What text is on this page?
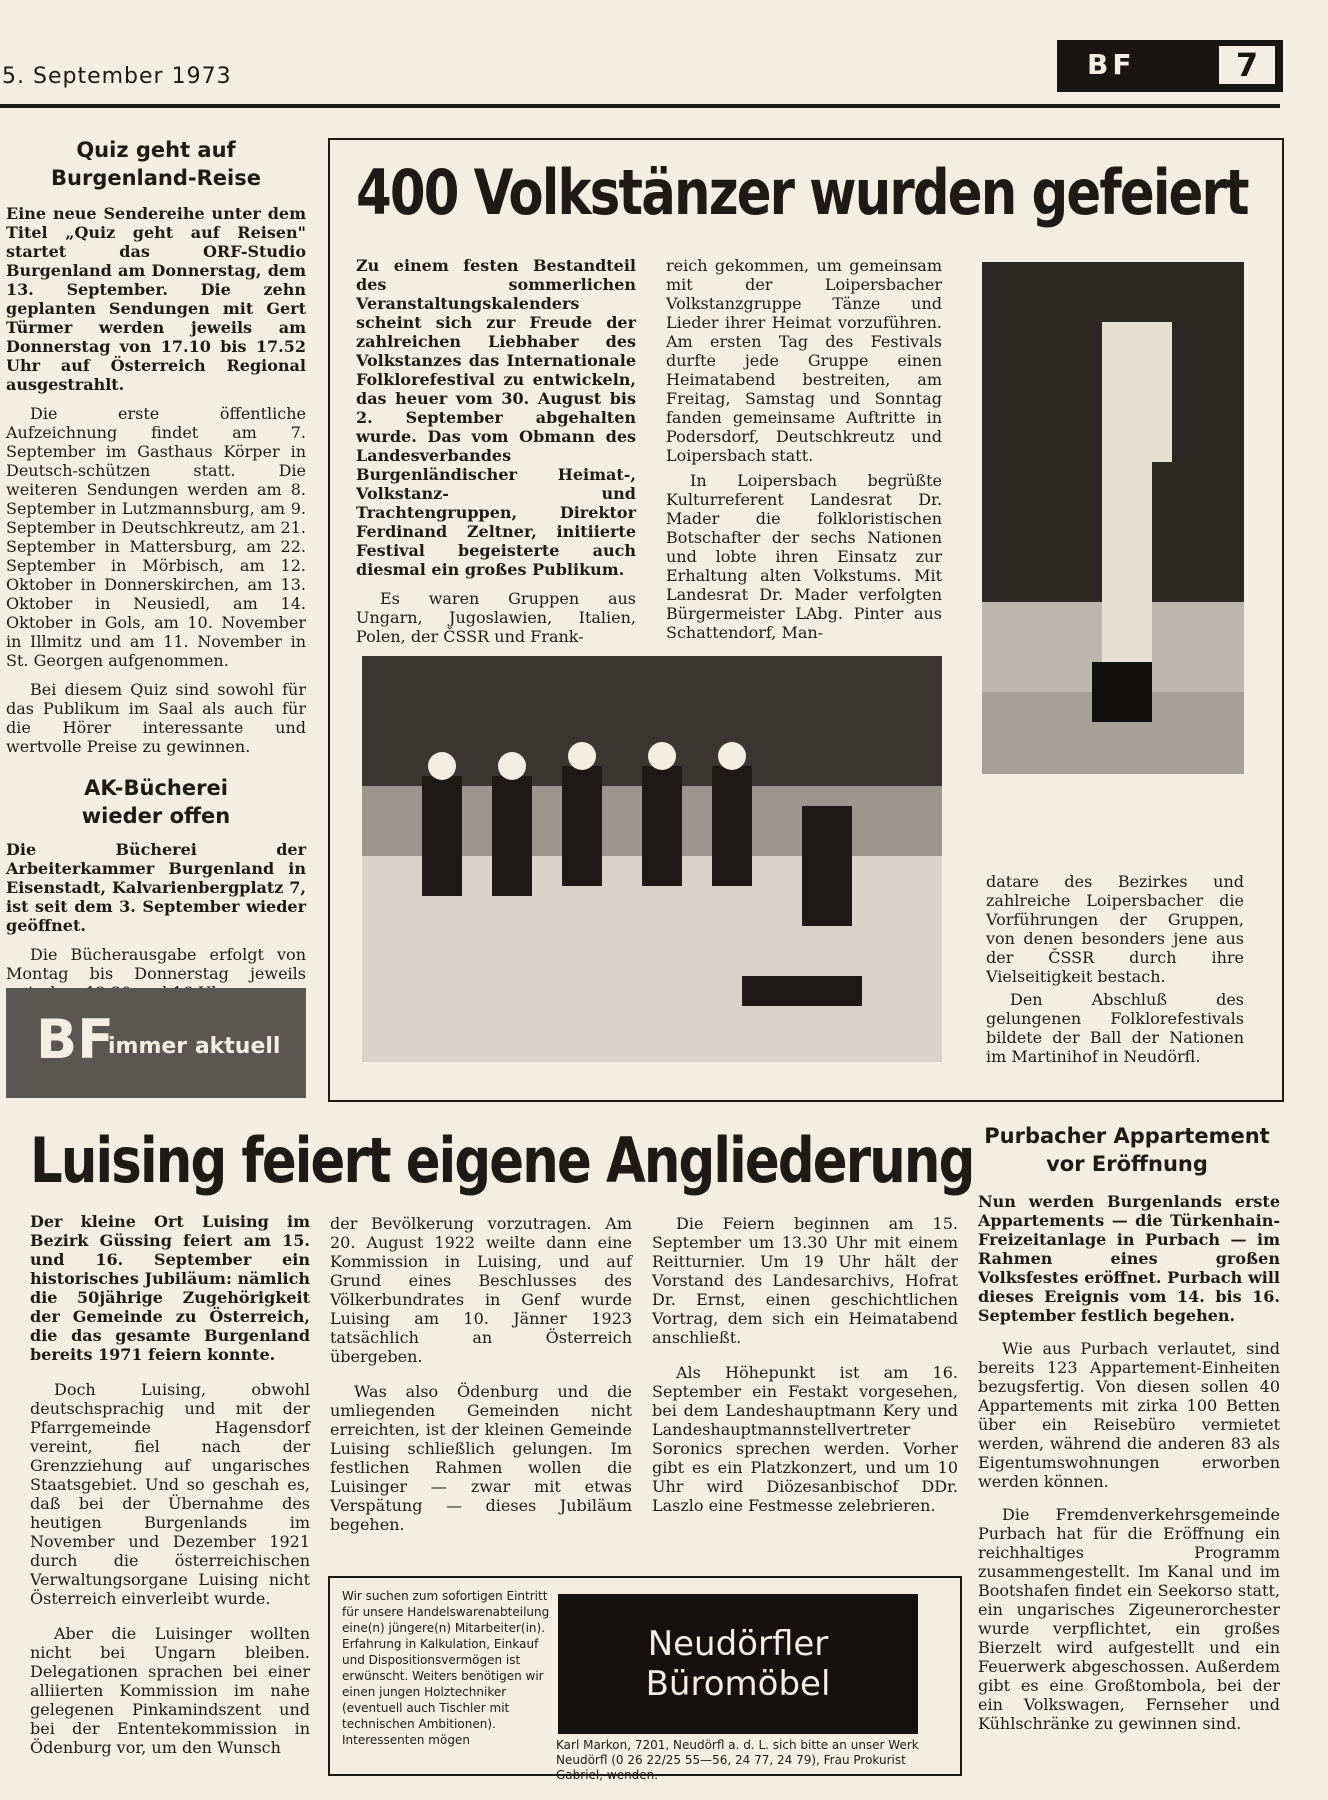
5. September 1973	BF	7
Quiz geht auf
Burgenland-Reise

Eine neue Sendereihe unter dem Titel „Quiz geht auf Reisen" startet das ORF-Studio Burgenland am Donnerstag, dem 13. September. Die zehn geplanten Sendungen mit Gert Türmer werden jeweils am Donnerstag von 17.10 bis 17.52 Uhr auf Österreich Regional ausgestrahlt.

Die erste öffentliche Aufzeichnung findet am 7. September im Gasthaus Körper in Deutsch-schützen statt. Die weiteren Sendungen werden am 8. September in Lutzmannsburg, am 9. September in Deutschkreutz, am 21. September in Mattersburg, am 22. September in Mörbisch, am 12. Oktober in Donnerskirchen, am 13. Oktober in Neusiedl, am 14. Oktober in Gols, am 10. November in Illmitz und am 11. November in St. Georgen aufgenommen.

Bei diesem Quiz sind sowohl für das Publikum im Saal als auch für die Hörer interessante und wertvolle Preise zu gewinnen.

AK-Bücherei
wieder offen

Die Bücherei der Arbeiterkammer Burgenland in Eisenstadt, Kalvarienbergplatz 7, ist seit dem 3. September wieder geöffnet.

Die Bücherausgabe erfolgt von Montag bis Donnerstag jeweils

BF
immer aktuell
400 Volkstänzer wurden gefeiert

Zu einem festen Bestandteil des sommerlichen Veranstaltungskalenders scheint sich zur Freude der zahlreichen Liebhaber des Volkstanzes das Internationale Folklorefestival zu entwickeln, das heuer vom 30. August bis 2. September abgehalten wurde. Das vom Obmann des Landesverbandes Burgenländischer Heimat-, Volkstanz- und Trachtengruppen, Direktor Ferdinand Zeltner, initiierte Festival begeisterte auch diesmal ein großes Publikum.

Es waren Gruppen aus Ungarn, Jugoslawien, Italien, Polen, der ČSSR und Frank-

reich gekommen, um gemeinsam mit der Loipersbacher Volkstanzgruppe Tänze und Lieder ihrer Heimat vorzuführen. Am ersten Tag des Festivals durfte jede Gruppe einen Heimatabend bestreiten, am Freitag, Samstag und Sonntag fanden gemeinsame Auftritte in Podersdorf, Deutschkreutz und Loipersbach statt.

In Loipersbach begrüßte Kulturreferent Landesrat Dr. Mader die folkloristischen Botschafter der sechs Nationen und lobte ihren Einsatz zur Erhaltung alten Volkstums. Mit Landesrat Dr. Mader verfolgten Bürgermeister LAbg. Pinter aus Schattendorf, Man-

datare des Bezirkes und zahlreiche Loipersbacher die Vorführungen der Gruppen, von denen besonders jene aus der ČSSR durch ihre Vielseitigkeit bestach.

Den Abschluß des gelungenen Folklorefestivals bildete der Ball der Nationen im Martinihof in Neudörfl.

Luising feiert eigene Angliederung

Der kleine Ort Luising im Bezirk Güssing feiert am 15. und 16. September ein historisches Jubiläum: nämlich die 50jährige Zugehörigkeit der Gemeinde zu Österreich, die das gesamte Burgenland bereits 1971 feiern konnte.

Doch Luising, obwohl deutschsprachig und mit der Pfarrgemeinde Hagensdorf vereint, fiel nach der Grenzziehung auf ungarisches Staatsgebiet. Und so geschah es, daß bei der Übernahme des heutigen Burgenlands im November und Dezember 1921 durch die österreichischen Verwaltungsorgane Luising nicht Österreich einverleibt wurde.

Aber die Luisinger wollten nicht bei Ungarn bleiben. Delegationen sprachen bei einer alliierten Kommission im nahe gelegenen Pinkamindszent und bei der Ententekommission in Ödenburg vor, um den Wunsch

der Bevölkerung vorzutragen. Am 20. August 1922 weilte dann eine Kommission in Luising, und auf Grund eines Beschlusses des Völkerbundrates in Genf wurde Luising am 10. Jänner 1923 tatsächlich an Österreich übergeben.

Was also Ödenburg und die umliegenden Gemeinden nicht erreichten, ist der kleinen Gemeinde Luising schließlich gelungen. Im festlichen Rahmen wollen die Luisinger — zwar mit etwas Verspätung — dieses Jubiläum begehen.

Die Feiern beginnen am 15. September um 13.30 Uhr mit einem Reitturnier. Um 19 Uhr hält der Vorstand des Landesarchivs, Hofrat Dr. Ernst, einen geschichtlichen Vortrag, dem sich ein Heimatabend anschließt.

Als Höhepunkt ist am 16. September ein Festakt vorgesehen, bei dem Landeshauptmann Kery und Landeshauptmannstellvertreter Soronics sprechen werden. Vorher gibt es ein Platzkonzert, und um 10 Uhr wird Diözesanbischof DDr. Laszlo eine Festmesse zelebrieren.

Purbacher Appartement
vor Eröffnung

Nun werden Burgenlands erste Appartements — die Türkenhain-Freizeitanlage in Purbach — im Rahmen eines großen Volksfestes eröffnet. Purbach will dieses Ereignis vom 14. bis 16. September festlich begehen.

Wie aus Purbach verlautet, sind bereits 123 Appartement-Einheiten bezugsfertig. Von diesen sollen 40 Appartements mit zirka 100 Betten über ein Reisebüro vermietet werden, während die anderen 83 als Eigentumswohnungen erworben werden können.

Die Fremdenverkehrsgemeinde Purbach hat für die Eröffnung ein reichhaltiges Programm zusammengestellt. Im Kanal und im Bootshafen findet ein Seekorso statt, ein ungarisches Zigeunerorchester wurde verpflichtet, ein großes Bierzelt wird aufgestellt und ein Feuerwerk abgeschossen. Außerdem gibt es eine Großtombola, bei der ein Volkswagen, Fernseher und Kühlschränke zu gewinnen sind.

Wir suchen zum sofortigen Eintritt für unsere Handelswarenabteilung eine(n) jüngere(n) Mitarbeiter(in). Erfahrung in Kalkulation, Einkauf und Dispositionsvermögen ist erwünscht. Weiters benötigen wir einen jungen Holztechniker (eventuell auch Tischler mit technischen Ambitionen). Interessenten mögen
Neudörfler
Büromöbel
Karl Markon, 7201, Neudörfl a. d. L. sich bitte an unser Werk Neudörfl (0 26 22/25 55—56, 24 77, 24 79), Frau Prokurist Gabriel, wenden.
